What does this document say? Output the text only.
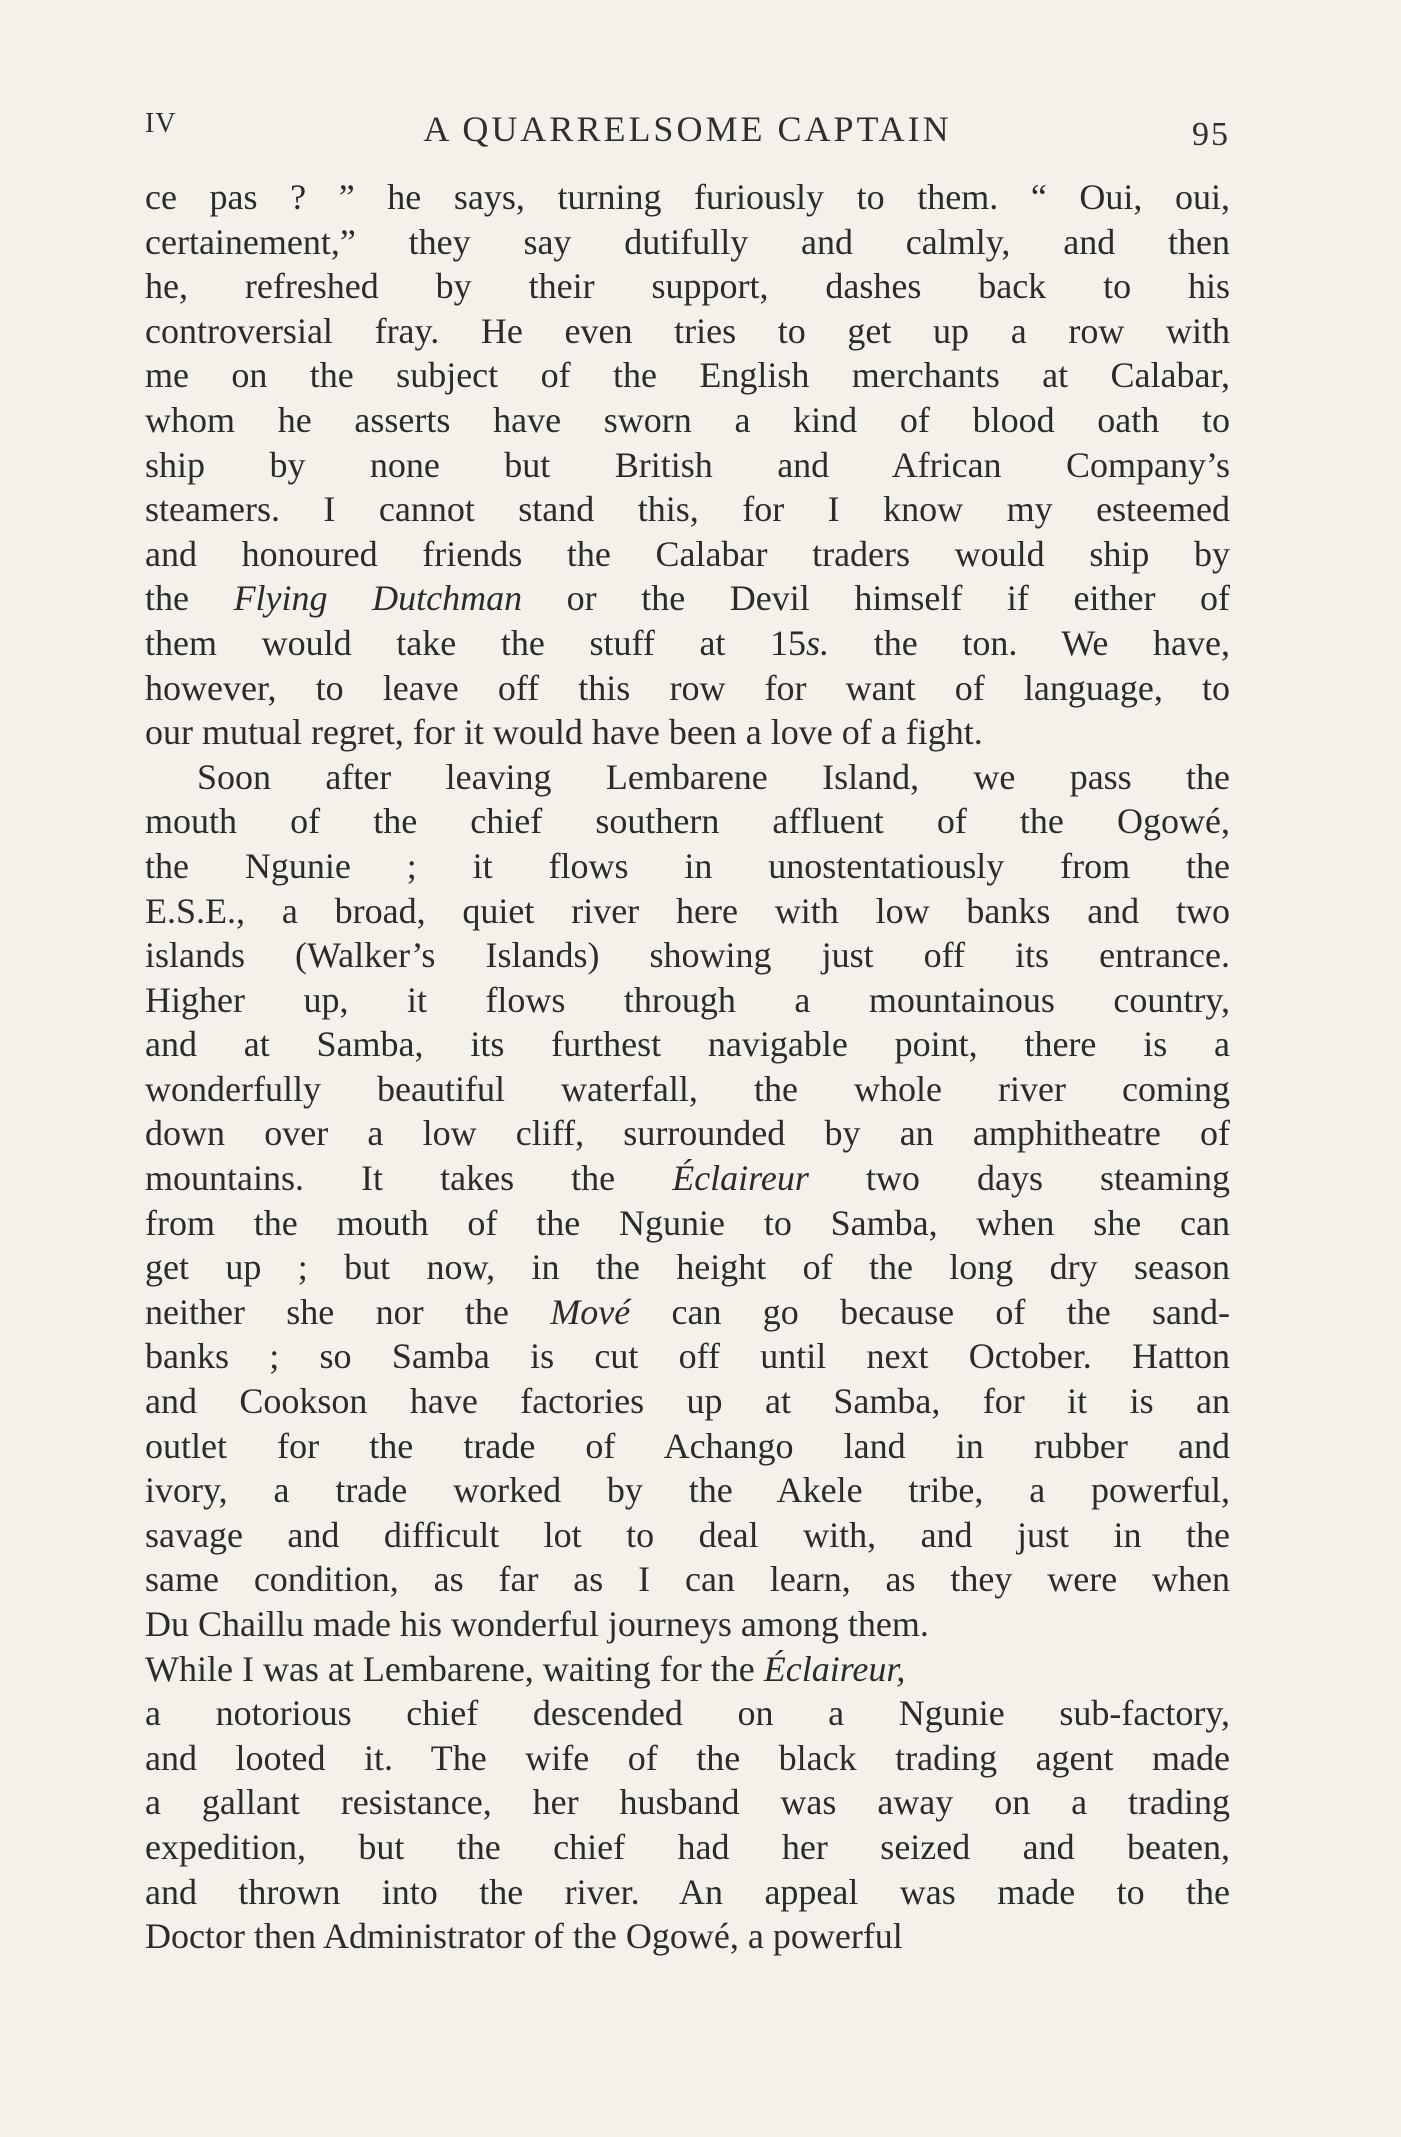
IV	A QUARRELSOME CAPTAIN	95
ce pas ? ” he says, turning furiously to them. “ Oui, oui,
certainement,” they say dutifully and calmly, and then
he, refreshed by their support, dashes back to his
controversial fray. He even tries to get up a row with
me on the subject of the English merchants at Calabar,
whom he asserts have sworn a kind of blood oath to
ship by none but British and African Company’s
steamers. I cannot stand this, for I know my esteemed
and honoured friends the Calabar traders would ship by
the Flying Dutchman or the Devil himself if either of
them would take the stuff at 15s. the ton. We have,
however, to leave off this row for want of language, to
our mutual regret, for it would have been a love of a fight.
Soon after leaving Lembarene Island, we pass the
mouth of the chief southern affluent of the Ogowé,
the Ngunie ; it flows in unostentatiously from the
E.S.E., a broad, quiet river here with low banks and two
islands (Walker’s Islands) showing just off its entrance.
Higher up, it flows through a mountainous country,
and at Samba, its furthest navigable point, there is a
wonderfully beautiful waterfall, the whole river coming
down over a low cliff, surrounded by an amphitheatre of
mountains. It takes the Éclaireur two days steaming
from the mouth of the Ngunie to Samba, when she can
get up ; but now, in the height of the long dry season
neither she nor the Mové can go because of the sand-
banks ; so Samba is cut off until next October. Hatton
and Cookson have factories up at Samba, for it is an
outlet for the trade of Achango land in rubber and
ivory, a trade worked by the Akele tribe, a powerful,
savage and difficult lot to deal with, and just in the
same condition, as far as I can learn, as they were when
Du Chaillu made his wonderful journeys among them.
While I was at Lembarene, waiting for the Éclaireur,
a notorious chief descended on a Ngunie sub-factory,
and looted it. The wife of the black trading agent made
a gallant resistance, her husband was away on a trading
expedition, but the chief had her seized and beaten,
and thrown into the river. An appeal was made to the
Doctor then Administrator of the Ogowé, a powerful
